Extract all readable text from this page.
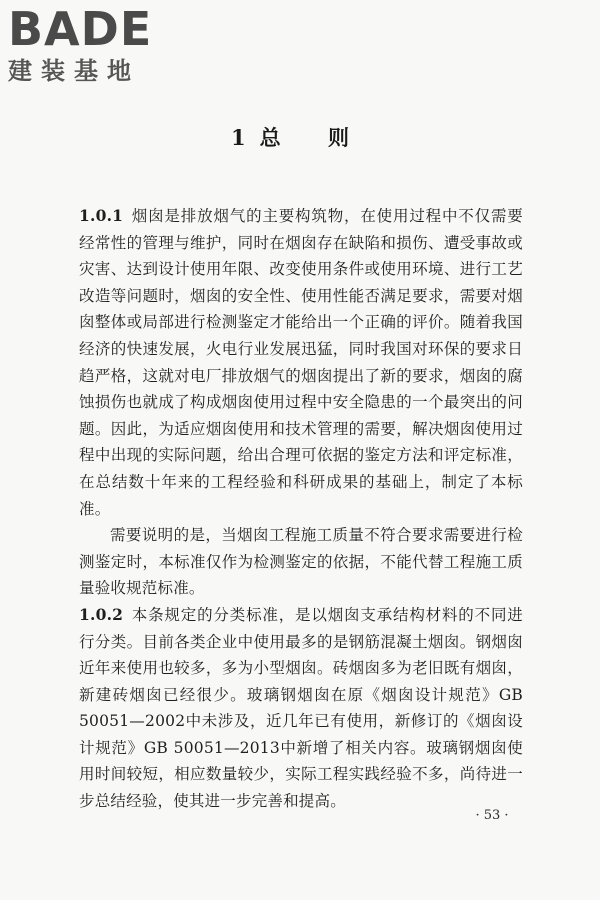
BADE
建装基地
1总 则

1.0.1 烟囱是排放烟气的主要构筑物，在使用过程中不仅需要经常性的管理与维护，同时在烟囱存在缺陷和损伤、遭受事故或灾害、达到设计使用年限、改变使用条件或使用环境、进行工艺改造等问题时，烟囱的安全性、使用性能否满足要求，需要对烟囱整体或局部进行检测鉴定才能给出一个正确的评价。随着我国经济的快速发展，火电行业发展迅猛，同时我国对环保的要求日趋严格，这就对电厂排放烟气的烟囱提出了新的要求，烟囱的腐蚀损伤也就成了构成烟囱使用过程中安全隐患的一个最突出的问题。因此，为适应烟囱使用和技术管理的需要，解决烟囱使用过程中出现的实际问题，给出合理可依据的鉴定方法和评定标准，在总结数十年来的工程经验和科研成果的基础上，制定了本标准。

需要说明的是，当烟囱工程施工质量不符合要求需要进行检测鉴定时，本标准仅作为检测鉴定的依据，不能代替工程施工质量验收规范标准。

1.0.2 本条规定的分类标准，是以烟囱支承结构材料的不同进行分类。目前各类企业中使用最多的是钢筋混凝土烟囱。钢烟囱近年来使用也较多，多为小型烟囱。砖烟囱多为老旧既有烟囱，新建砖烟囱已经很少。玻璃钢烟囱在原《烟囱设计规范》GB 50051—2002中未涉及，近几年已有使用，新修订的《烟囱设计规范》GB 50051—2013中新增了相关内容。玻璃钢烟囱使用时间较短，相应数量较少，实际工程实践经验不多，尚待进一步总结经验，使其进一步完善和提高。

· 53 ·
